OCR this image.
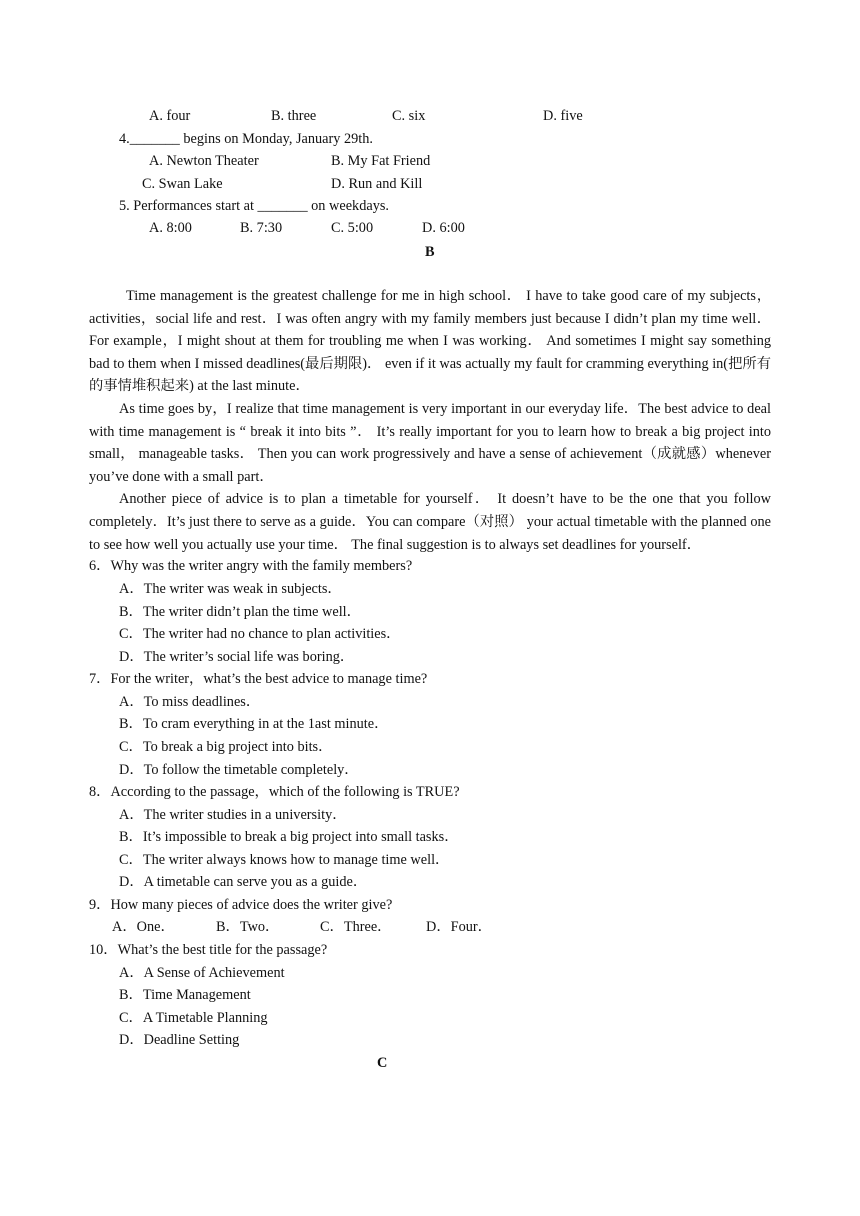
A. four	B. three	C. six	D. five
4._______ begins on Monday, January 29th.
A. Newton Theater	B. My Fat Friend
C. Swan Lake	D. Run and Kill
5. Performances start at _______ on weekdays.
A. 8:00	B. 7:30	C. 5:00	D. 6:00
B

Time management is the greatest challenge for me in high school． I have to take good care of my subjects，activities，social life and rest．I was often angry with my family members just because I didn’t plan my time well． For example，I might shout at them for troubling me when I was working． And sometimes I might say something bad to them when I missed deadlines(最后期限)． even if it was actually my fault for cramming everything in(把所有的事情堆积起来) at the last minute．

As time goes by，I realize that time management is very important in our everyday life．The best advice to deal with time management is “ break it into bits ”． It’s really important for you to learn how to break a big project into small， manageable tasks． Then you can work progressively and have a sense of achievement（成就感）whenever you’ve done with a small part．

Another piece of advice is to plan a timetable for yourself． It doesn’t have to be the one that you follow completely．It’s just there to serve as a guide．You can compare（对照） your actual timetable with the planned one to see how well you actually use your time． The final suggestion is to always set deadlines for yourself．

6．Why was the writer angry with the family members?
A．The writer was weak in subjects．
B．The writer didn’t plan the time well．
C．The writer had no chance to plan activities．
D．The writer’s social life was boring．
7．For the writer，what’s the best advice to manage time?
A．To miss deadlines．
B．To cram everything in at the 1ast minute．
C．To break a big project into bits．
D．To follow the timetable completely．
8．According to the passage，which of the following is TRUE?
A．The writer studies in a university．
B．It’s impossible to break a big project into small tasks．
C．The writer always knows how to manage time well．
D．A timetable can serve you as a guide．
9．How many pieces of advice does the writer give?
A．One．	B．Two．	C．Three． D．Four．
10．What’s the best title for the passage?
A．A Sense of Achievement
B．Time Management
C．A Timetable Planning
D．Deadline Setting
C
